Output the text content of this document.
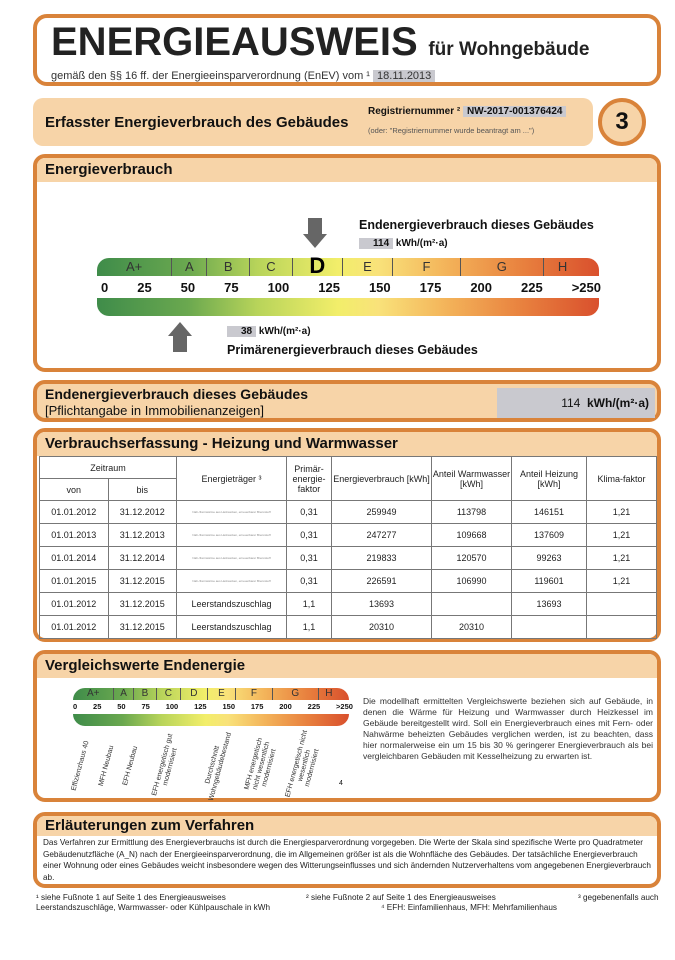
ENERGIEAUSWEIS für Wohngebäude
gemäß den §§ 16 ff. der Energieeinsparverordnung (EnEV) vom ¹ 18.11.2013
Erfasster Energieverbrauch des Gebäudes
Registriernummer ² NW-2017-001376424
(oder: "Registriernummer wurde beantragt am ...")	3
Energieverbrauch
Endenergieverbrauch dieses Gebäudes
114 kWh/(m²·a)
A+	A	B	C	D	E	F	G	H
0 25 50 75 100 125 150 175 200 225 >250
38 kWh/(m²·a)
Primärenergieverbrauch dieses Gebäudes
Endenergieverbrauch dieses Gebäudes
[Pflichtangabe in Immobilienanzeigen]	114 kWh/(m²·a)
Verbrauchserfassung - Heizung und Warmwasser
Zeitraum		Energieträger ³	Primär-energie-faktor	Energieverbrauch [kWh]	Anteil Warmwasser [kWh]	Anteil Heizung [kWh]	Klima-faktor
von	bis						
01.01.2012	31.12.2012	Nah-/Fernwärme aus Heizwerken, erneuerbarer Brennstoff	0,31	259949	113798	146151	1,21
01.01.2013	31.12.2013	Nah-/Fernwärme aus Heizwerken, erneuerbarer Brennstoff	0,31	247277	109668	137609	1,21
01.01.2014	31.12.2014	Nah-/Fernwärme aus Heizwerken, erneuerbarer Brennstoff	0,31	219833	120570	99263	1,21
01.01.2015	31.12.2015	Nah-/Fernwärme aus Heizwerken, erneuerbarer Brennstoff	0,31	226591	106990	119601	1,21
01.01.2012	31.12.2015	Leerstandszuschlag	1,1	13693		13693	
01.01.2012	31.12.2015	Leerstandszuschlag	1,1	20310	20310		
Vergleichswerte Endenergie
A+	A	B	C	D	E	F	G	H
0 25 50 75 100 125 150 175 200 225 >250
Effizienzhaus 40 MFH Neubau EFH Neubau EFH energetisch gut modernisiert	Durchschnitt Wohngebäudebestand	MFH energetisch nicht wesentlich modernisiert EFH energetisch nicht wesentlich modernisiert	4
Die modellhaft ermittelten Vergleichswerte beziehen sich auf Gebäude, in denen die Wärme für Heizung und Warmwasser durch Heizkessel im Gebäude bereitgestellt wird. Soll ein Energieverbrauch eines mit Fern- oder Nahwärme beheizten Gebäudes verglichen werden, ist zu beachten, dass hier normalerweise ein um 15 bis 30 % geringerer Energieverbrauch als bei vergleichbaren Gebäuden mit Kesselheizung zu erwarten ist.
Erläuterungen zum Verfahren
Das Verfahren zur Ermittlung des Energieverbrauchs ist durch die Energiesparverordnung vorgegeben. Die Werte der Skala sind spezifische Werte pro Quadratmeter Gebäudenutzfläche (A_N) nach der Energieeinsparverordnung, die im Allgemeinen größer ist als die Wohnfläche des Gebäudes. Der tatsächliche Energieverbrauch einer Wohnung oder eines Gebäudes weicht insbesondere wegen des Witterungseinflusses und sich ändernden Nutzerverhaltens vom angegebenen Energieverbrauch ab.
¹ siehe Fußnote 1 auf Seite 1 des Energieausweises	² siehe Fußnote 2 auf Seite 1 des Energieausweises	³ gegebenenfalls auch Leerstandszuschläge, Warmwasser- oder Kühlpauschale in kWh	⁴ EFH: Einfamilienhaus, MFH: Mehrfamilienhaus
